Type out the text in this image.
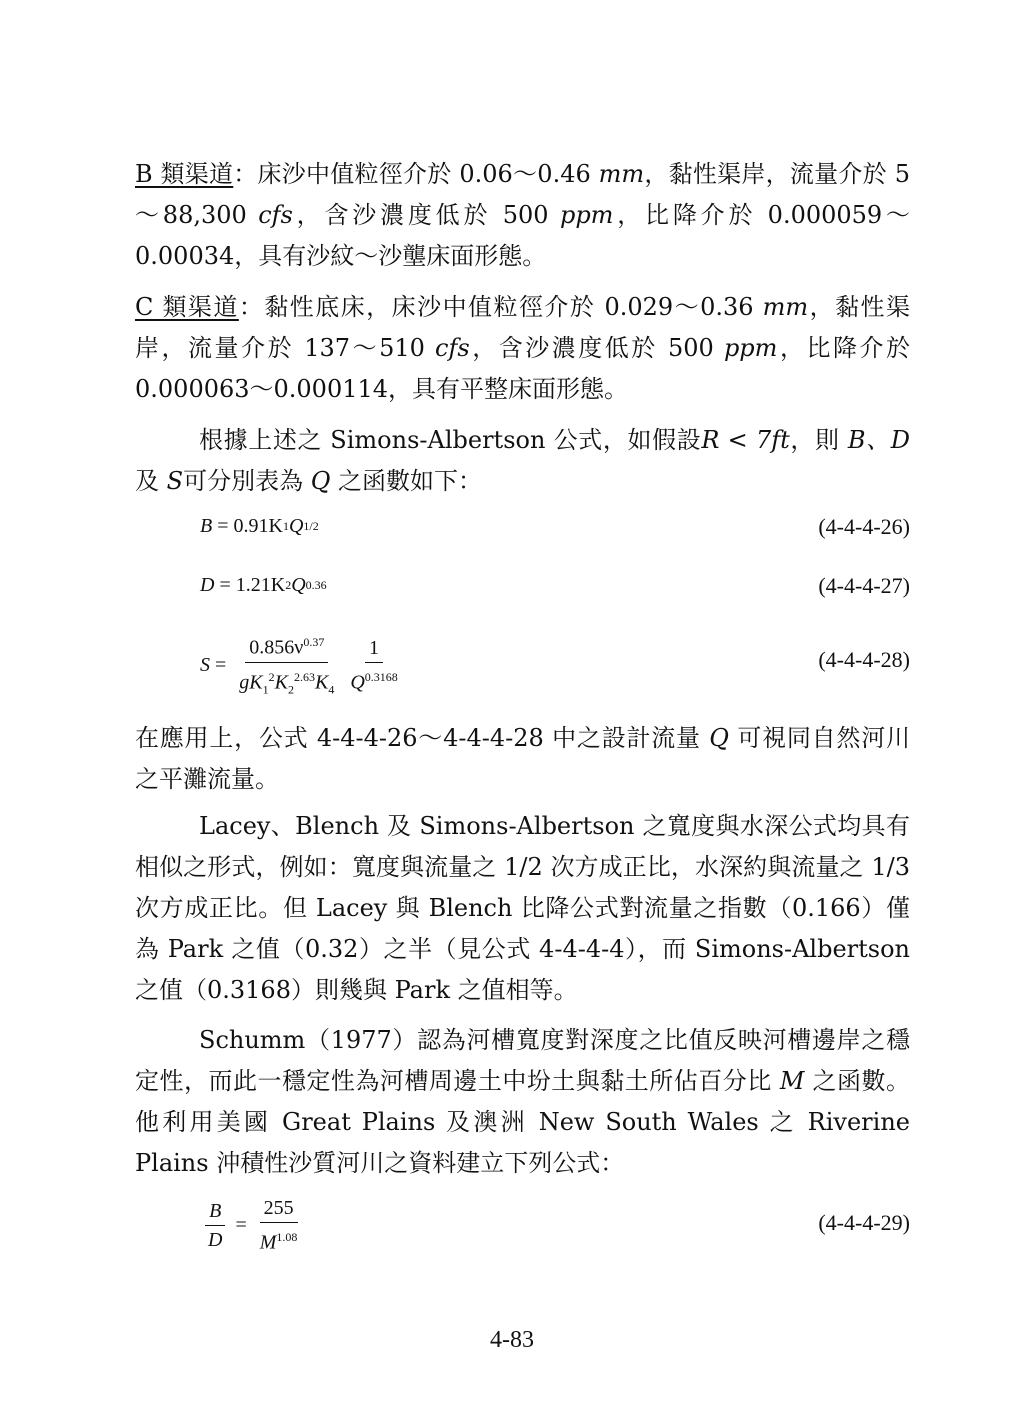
B 類渠道：床沙中值粒徑介於 0.06～0.46 mm，黏性渠岸，流量介於 5 ～88,300 cfs，含沙濃度低於 500 ppm，比降介於 0.000059～0.00034，具有沙紋～沙壟床面形態。

C 類渠道：黏性底床，床沙中值粒徑介於 0.029～0.36 mm，黏性渠岸，流量介於 137～510 cfs，含沙濃度低於 500 ppm，比降介於 0.000063～0.000114，具有平整床面形態。

根據上述之 Simons-Albertson 公式，如假設R < 7ft，則 B、D 及 S可分別表為 Q 之函數如下：

B = 0.91K 1 Q 1/2	(4-4-4-26)
D = 1.21K 2 Q 0.36	(4-4-4-27)
$S = \frac{0.856\nu^{0.37}}{gK_1^2K_2^{2.63}K_4} \frac{1}{Q^{0.3168}}$	(4-4-4-28)

在應用上，公式 4-4-4-26～4-4-4-28 中之設計流量 Q 可視同自然河川之平灘流量。

Lacey、Blench 及 Simons-Albertson 之寬度與水深公式均具有相似之形式，例如：寬度與流量之 1/2 次方成正比，水深約與流量之 1/3 次方成正比。但 Lacey 與 Blench 比降公式對流量之指數（0.166）僅為 Park 之值（0.32）之半（見公式 4-4-4-4），而 Simons-Albertson 之值（0.3168）則幾與 Park 之值相等。

Schumm（1977）認為河槽寬度對深度之比值反映河槽邊岸之穩定性，而此一穩定性為河槽周邊土中坋土與黏土所佔百分比 M 之函數。他利用美國 Great Plains 及澳洲 New South Wales 之 Riverine Plains 沖積性沙質河川之資料建立下列公式：

$\frac{B}{D} = \frac{255}{M^{1.08}}$	(4-4-4-29)
4-83
